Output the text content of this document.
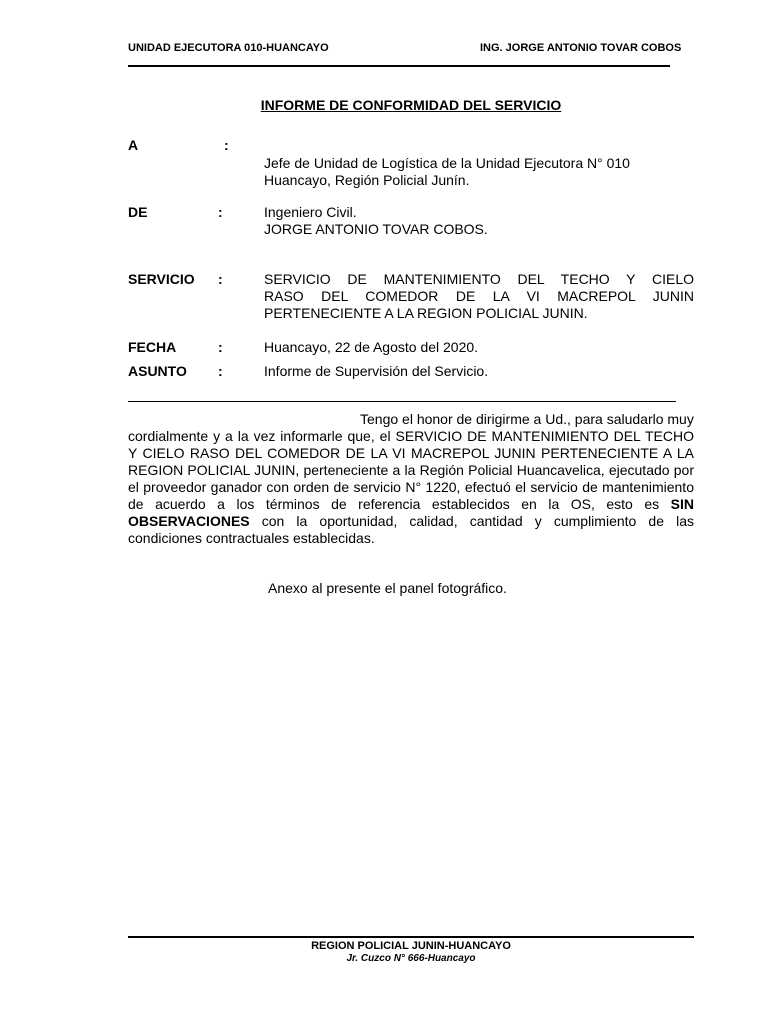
UNIDAD EJECUTORA 010-HUANCAYO	ING. JORGE ANTONIO TOVAR COBOS
INFORME DE CONFORMIDAD DEL SERVICIO
A	:
Jefe de Unidad de Logística de la Unidad Ejecutora N° 010
Huancayo, Región Policial Junín.
DE	:	Ingeniero Civil.
JORGE ANTONIO TOVAR COBOS.
SERVICIO :	SERVICIO DE MANTENIMIENTO DEL TECHO Y CIELO
RASO DEL COMEDOR DE LA VI MACREPOL JUNIN
PERTENECIENTE A LA REGION POLICIAL JUNIN.
FECHA	:	Huancayo, 22 de Agosto del 2020.
ASUNTO :	Informe de Supervisión del Servicio.
Tengo el honor de dirigirme a Ud., para saludarlo muy
cordialmente y a la vez informarle que, el SERVICIO DE MANTENIMIENTO DEL TECHO Y CIELO RASO DEL COMEDOR DE LA VI MACREPOL JUNIN PERTENECIENTE A LA REGION POLICIAL JUNIN, perteneciente a la Región Policial Huancavelica, ejecutado por el proveedor ganador con orden de servicio N° 1220, efectuó el servicio de mantenimiento de acuerdo a los términos de referencia establecidos en la OS, esto es SIN OBSERVACIONES con la oportunidad, calidad, cantidad y cumplimiento de las condiciones contractuales establecidas.
Anexo al presente el panel fotográfico.
REGION POLICIAL JUNIN-HUANCAYO
Jr. Cuzco N° 666-Huancayo
